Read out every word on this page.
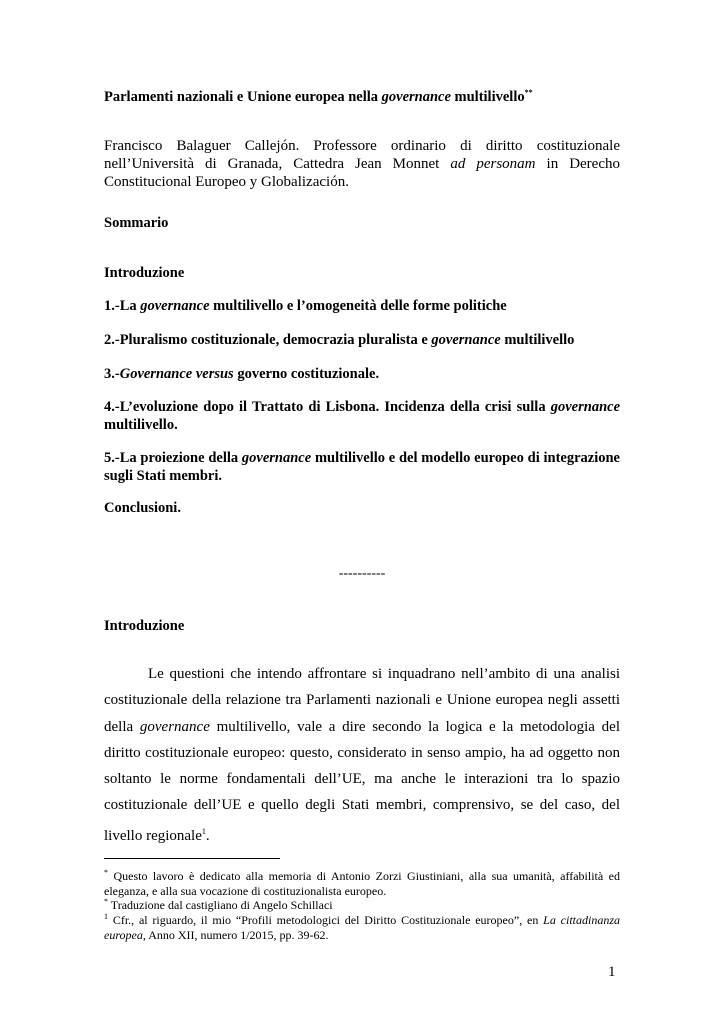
Parlamenti nazionali e Unione europea nella governance multilivello**
Francisco Balaguer Callejón. Professore ordinario di diritto costituzionale nell’Università di Granada, Cattedra Jean Monnet ad personam in Derecho Constitucional Europeo y Globalización.
Sommario
Introduzione
1.-La governance multilivello e l’omogeneità delle forme politiche
2.-Pluralismo costituzionale, democrazia pluralista e governance multilivello
3.-Governance versus governo costituzionale.
4.-L’evoluzione dopo il Trattato di Lisbona. Incidenza della crisi sulla governance multilivello.
5.-La proiezione della governance multilivello e del modello europeo di integrazione sugli Stati membri.
Conclusioni.
----------
Introduzione
Le questioni che intendo affrontare si inquadrano nell’ambito di una analisi costituzionale della relazione tra Parlamenti nazionali e Unione europea negli assetti della governance multilivello, vale a dire secondo la logica e la metodologia del diritto costituzionale europeo: questo, considerato in senso ampio, ha ad oggetto non soltanto le norme fondamentali dell’UE, ma anche le interazioni tra lo spazio costituzionale dell’UE e quello degli Stati membri, comprensivo, se del caso, del livello regionale$^1$.
* Questo lavoro è dedicato alla memoria di Antonio Zorzi Giustiniani, alla sua umanità, affabilità ed eleganza, e alla sua vocazione di costituzionalista europeo.
* Traduzione dal castigliano di Angelo Schillaci
$^1$ Cfr., al riguardo, il mio “Profili metodologici del Diritto Costituzionale europeo”, en La cittadinanza europea, Anno XII, numero 1/2015, pp. 39-62.
1
